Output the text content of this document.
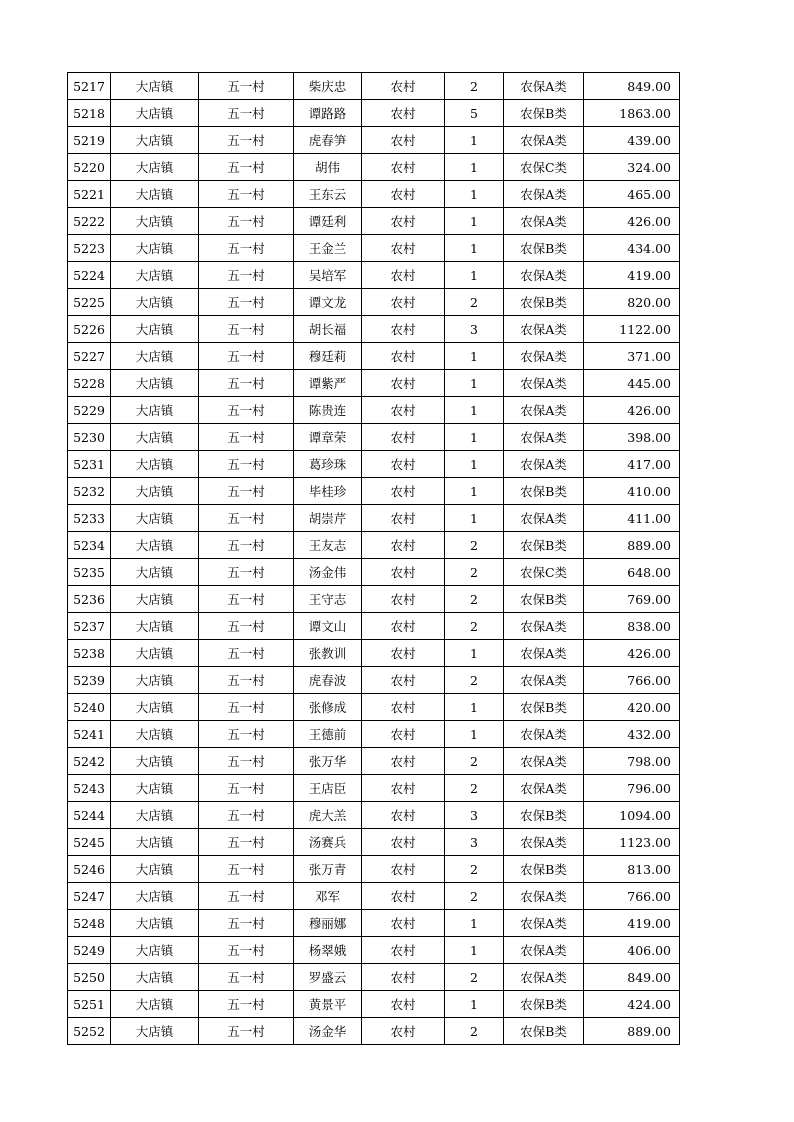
5217	大店镇	五一村	柴庆忠	农村	2	农保A类	849.00
5218	大店镇	五一村	谭路路	农村	5	农保B类	1863.00
5219	大店镇	五一村	虎春笋	农村	1	农保A类	439.00
5220	大店镇	五一村	胡伟	农村	1	农保C类	324.00
5221	大店镇	五一村	王东云	农村	1	农保A类	465.00
5222	大店镇	五一村	谭廷利	农村	1	农保A类	426.00
5223	大店镇	五一村	王金兰	农村	1	农保B类	434.00
5224	大店镇	五一村	吴培军	农村	1	农保A类	419.00
5225	大店镇	五一村	谭文龙	农村	2	农保B类	820.00
5226	大店镇	五一村	胡长福	农村	3	农保A类	1122.00
5227	大店镇	五一村	穆廷莉	农村	1	农保A类	371.00
5228	大店镇	五一村	谭紫严	农村	1	农保A类	445.00
5229	大店镇	五一村	陈贵连	农村	1	农保A类	426.00
5230	大店镇	五一村	谭章荣	农村	1	农保A类	398.00
5231	大店镇	五一村	葛珍珠	农村	1	农保A类	417.00
5232	大店镇	五一村	毕桂珍	农村	1	农保B类	410.00
5233	大店镇	五一村	胡崇芹	农村	1	农保A类	411.00
5234	大店镇	五一村	王友志	农村	2	农保B类	889.00
5235	大店镇	五一村	汤金伟	农村	2	农保C类	648.00
5236	大店镇	五一村	王守志	农村	2	农保B类	769.00
5237	大店镇	五一村	谭文山	农村	2	农保A类	838.00
5238	大店镇	五一村	张教训	农村	1	农保A类	426.00
5239	大店镇	五一村	虎春波	农村	2	农保A类	766.00
5240	大店镇	五一村	张修成	农村	1	农保B类	420.00
5241	大店镇	五一村	王德前	农村	1	农保A类	432.00
5242	大店镇	五一村	张万华	农村	2	农保A类	798.00
5243	大店镇	五一村	王店臣	农村	2	农保A类	796.00
5244	大店镇	五一村	虎大羔	农村	3	农保B类	1094.00
5245	大店镇	五一村	汤赛兵	农村	3	农保A类	1123.00
5246	大店镇	五一村	张万青	农村	2	农保B类	813.00
5247	大店镇	五一村	邓军	农村	2	农保A类	766.00
5248	大店镇	五一村	穆丽娜	农村	1	农保A类	419.00
5249	大店镇	五一村	杨翠娥	农村	1	农保A类	406.00
5250	大店镇	五一村	罗盛云	农村	2	农保A类	849.00
5251	大店镇	五一村	黄景平	农村	1	农保B类	424.00
5252	大店镇	五一村	汤金华	农村	2	农保B类	889.00
